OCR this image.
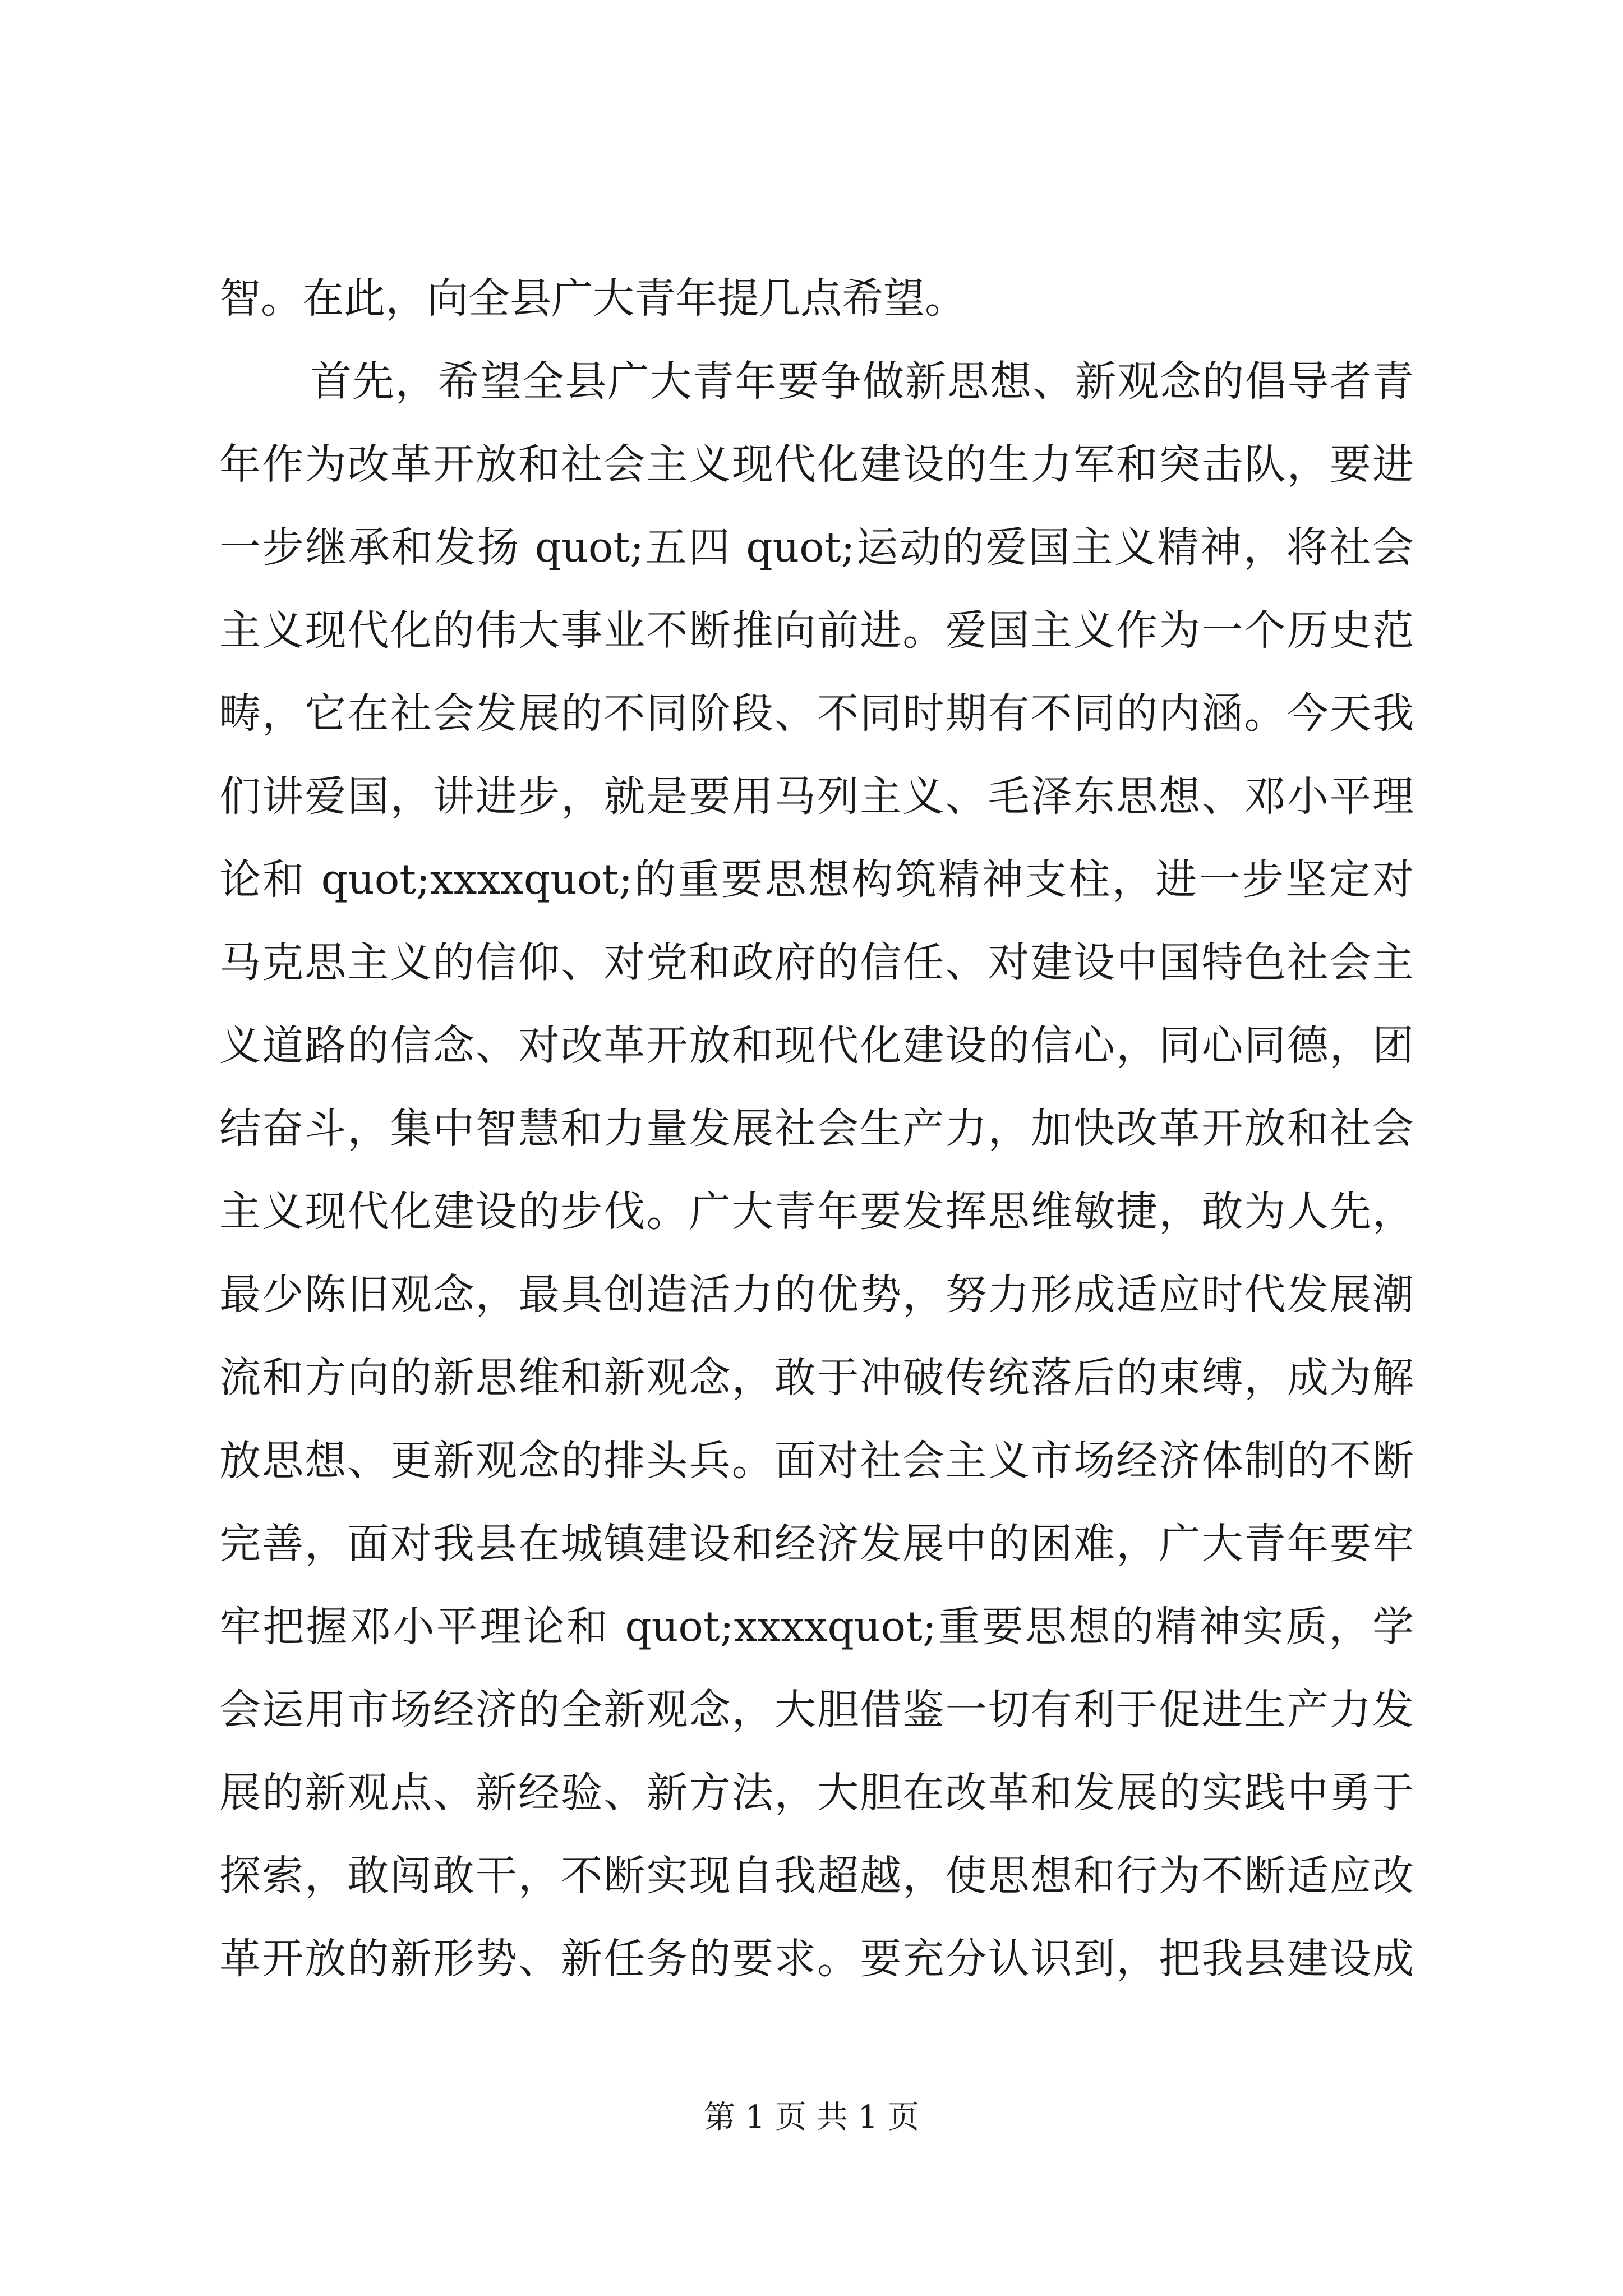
智。在此，向全县广大青年提几点希望。
首先，希望全县广大青年要争做新思想、新观念的倡导者青
年作为改革开放和社会主义现代化建设的生力军和突击队，要进
一步继承和发扬 quot;五四 quot;运动的爱国主义精神，将社会
主义现代化的伟大事业不断推向前进。爱国主义作为一个历史范
畴，它在社会发展的不同阶段、不同时期有不同的内涵。今天我
们讲爱国，讲进步，就是要用马列主义、毛泽东思想、邓小平理
论和 quot;xxxxquot;的重要思想构筑精神支柱，进一步坚定对
马克思主义的信仰、对党和政府的信任、对建设中国特色社会主
义道路的信念、对改革开放和现代化建设的信心，同心同德，团
结奋斗，集中智慧和力量发展社会生产力，加快改革开放和社会
主义现代化建设的步伐。广大青年要发挥思维敏捷，敢为人先，
最少陈旧观念，最具创造活力的优势，努力形成适应时代发展潮
流和方向的新思维和新观念，敢于冲破传统落后的束缚，成为解
放思想、更新观念的排头兵。面对社会主义市场经济体制的不断
完善，面对我县在城镇建设和经济发展中的困难，广大青年要牢
牢把握邓小平理论和 quot;xxxxquot;重要思想的精神实质，学
会运用市场经济的全新观念，大胆借鉴一切有利于促进生产力发
展的新观点、新经验、新方法，大胆在改革和发展的实践中勇于
探索，敢闯敢干，不断实现自我超越，使思想和行为不断适应改
革开放的新形势、新任务的要求。要充分认识到，把我县建设成
第 1 页 共 1 页
